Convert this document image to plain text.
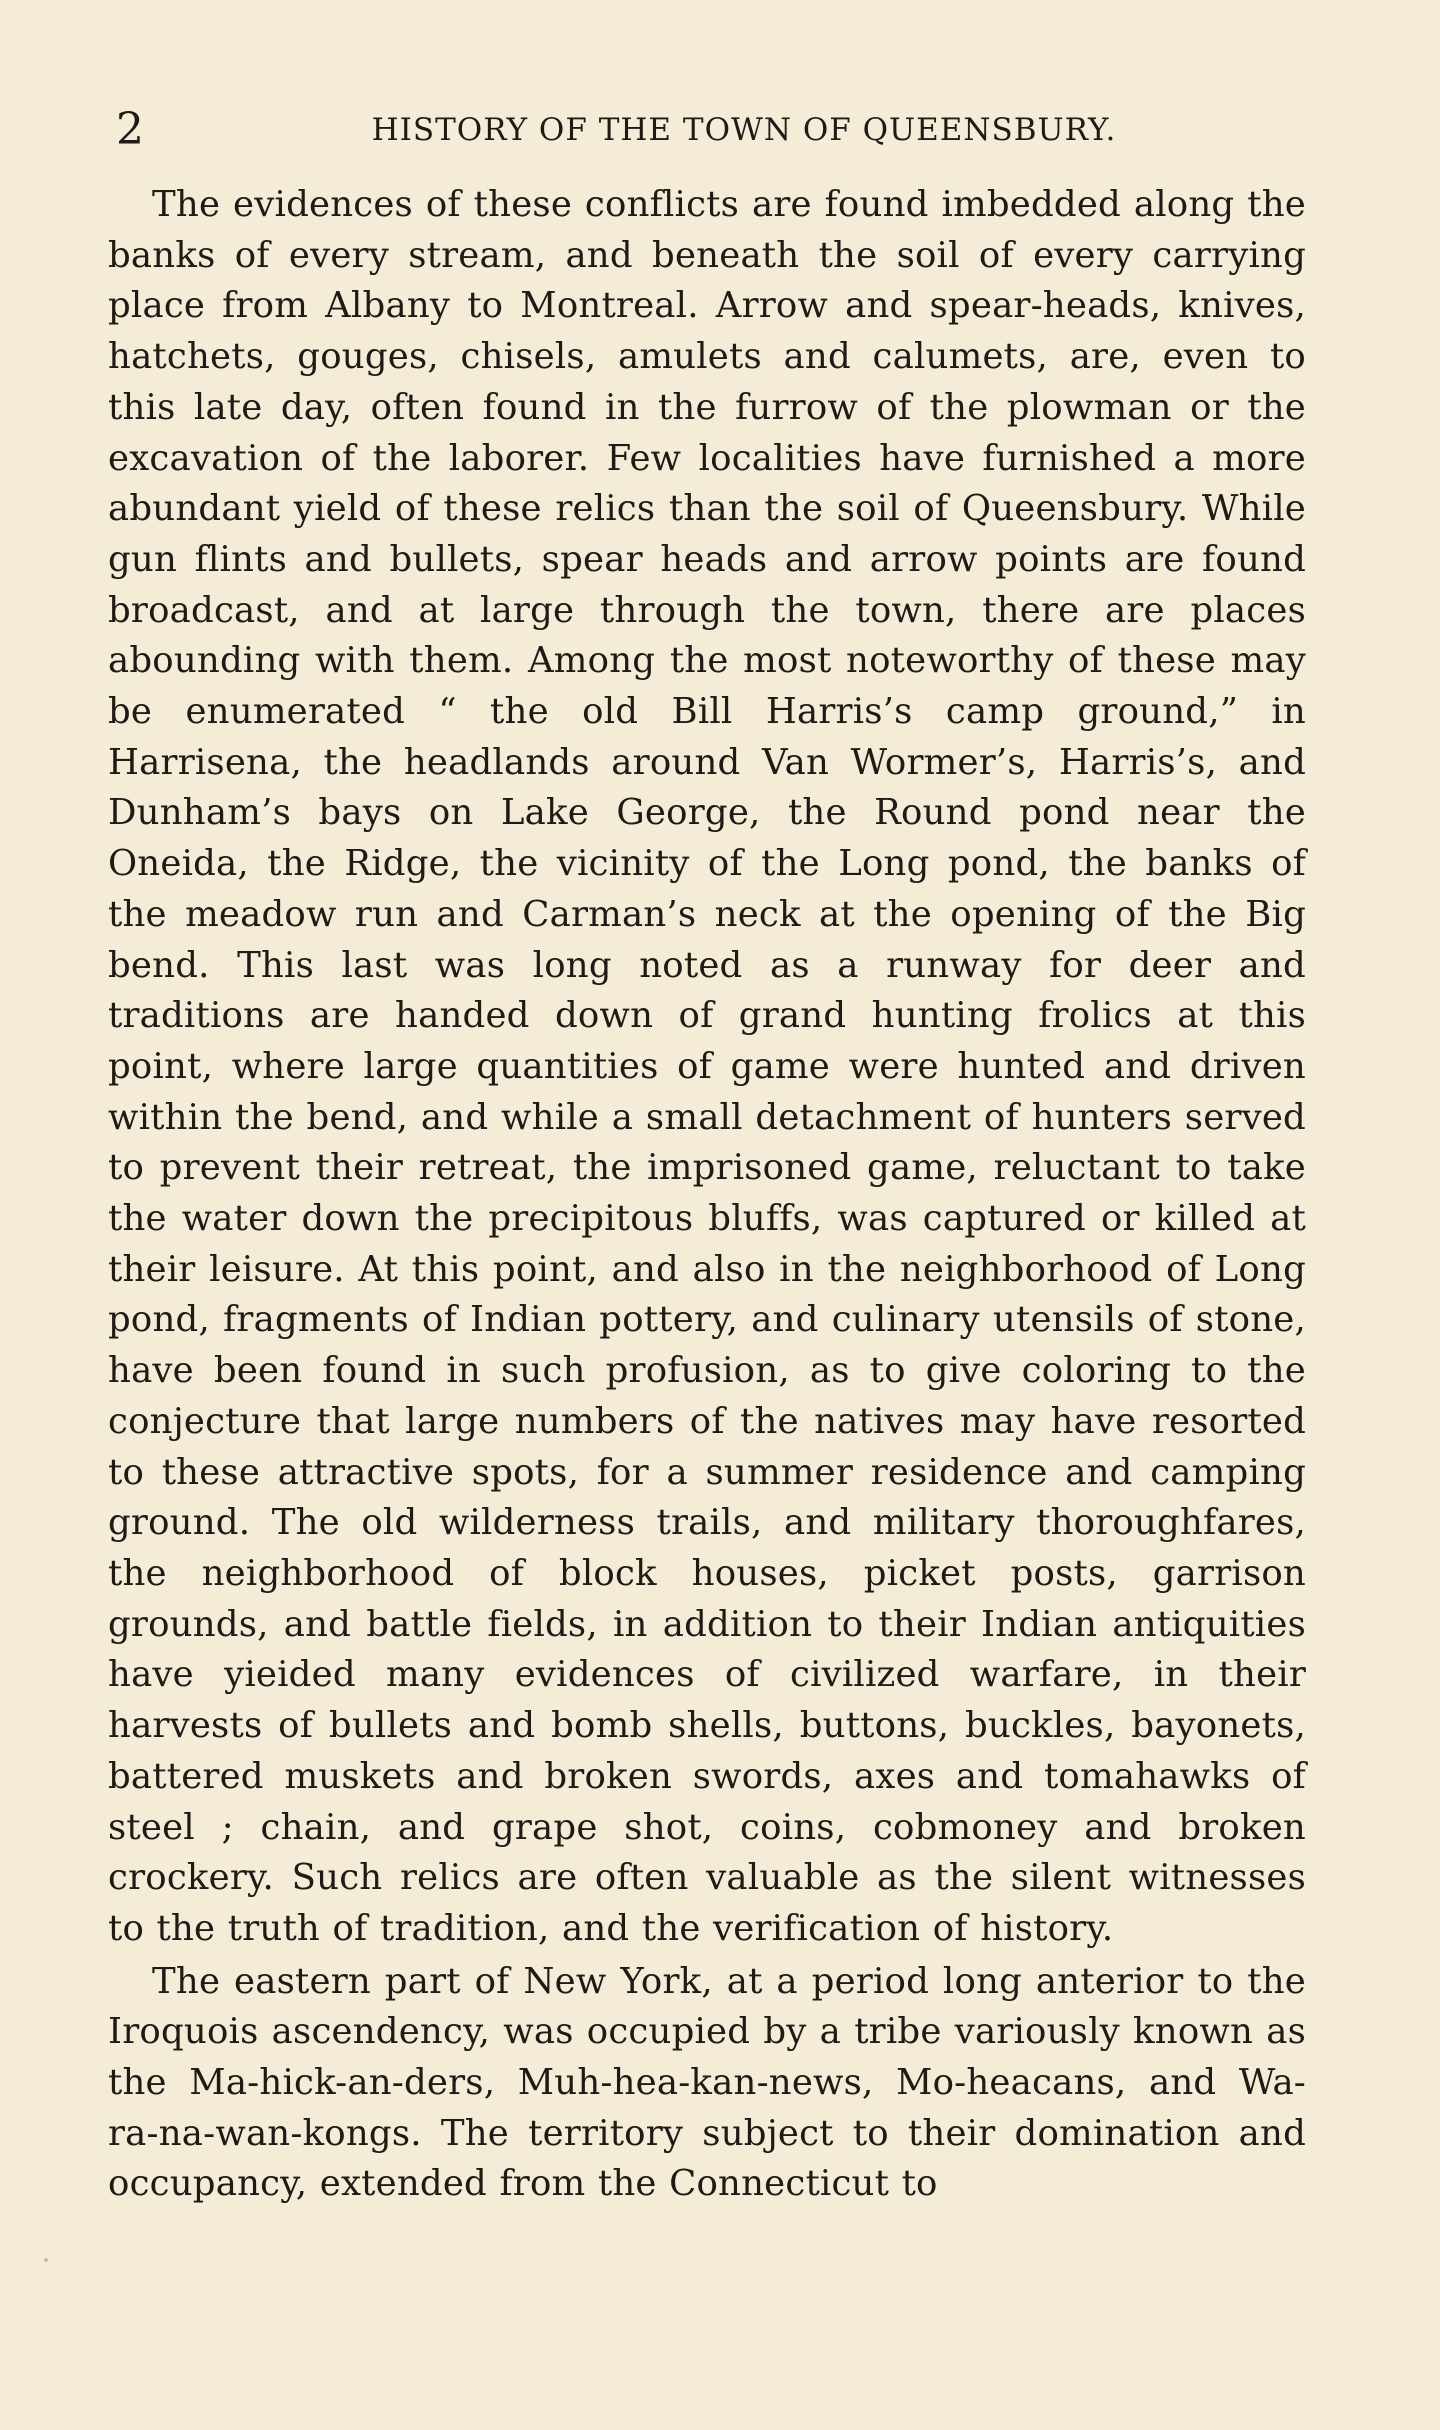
2	HISTORY OF THE TOWN OF QUEENSBURY.

The evidences of these conflicts are found imbedded along the banks of every stream, and beneath the soil of every carrying place from Albany to Montreal. Arrow and spear-heads, knives, hatchets, gouges, chisels, amulets and calumets, are, even to this late day, often found in the furrow of the plowman or the excavation of the laborer. Few localities have furnished a more abundant yield of these relics than the soil of Queensbury. While gun flints and bullets, spear heads and arrow points are found broadcast, and at large through the town, there are places abounding with them. Among the most noteworthy of these may be enumerated “ the old Bill Harris’s camp ground,” in Harrisena, the headlands around Van Wormer’s, Harris’s, and Dunham’s bays on Lake George, the Round pond near the Oneida, the Ridge, the vicinity of the Long pond, the banks of the meadow run and Carman’s neck at the opening of the Big bend. This last was long noted as a runway for deer and traditions are handed down of grand hunting frolics at this point, where large quantities of game were hunted and driven within the bend, and while a small detachment of hunters served to prevent their retreat, the imprisoned game, reluctant to take the water down the precipitous bluffs, was captured or killed at their leisure. At this point, and also in the neighborhood of Long pond, fragments of Indian pottery, and culinary utensils of stone, have been found in such profusion, as to give coloring to the conjecture that large numbers of the natives may have resorted to these attractive spots, for a summer residence and camping ground. The old wilderness trails, and military thoroughfares, the neighborhood of block houses, picket posts, garrison grounds, and battle fields, in addition to their Indian antiquities have yieided many evidences of civilized warfare, in their harvests of bullets and bomb shells, buttons, buckles, bayonets, battered muskets and broken swords, axes and tomahawks of steel ; chain, and grape shot, coins, cobmoney and broken crockery. Such relics are often valuable as the silent witnesses to the truth of tradition, and the verification of history.

The eastern part of New York, at a period long anterior to the Iroquois ascendency, was occupied by a tribe variously known as the Ma-hick-an-ders, Muh-hea-kan-news, Mo-heacans, and Wa-ra-na-wan-kongs. The territory subject to their domination and occupancy, extended from the Connecticut to
